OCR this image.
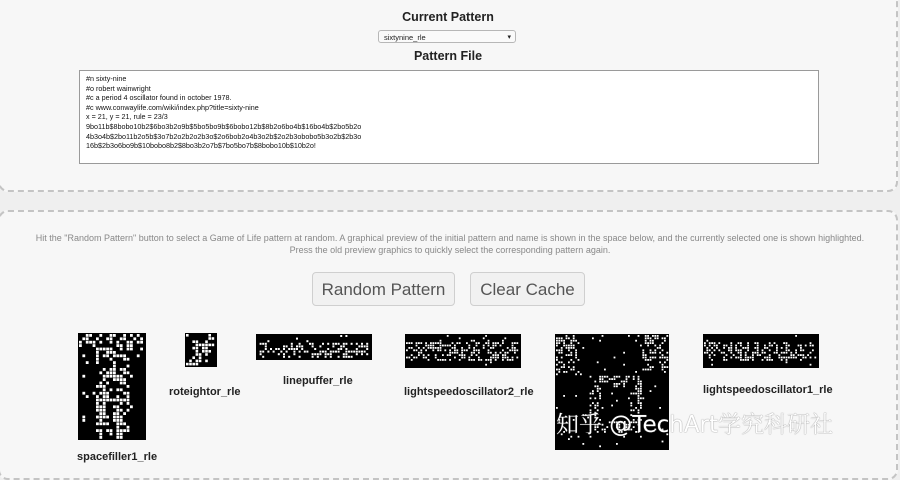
Current Pattern
sixtynine_rle	▾
Pattern File
#n sixty-nine
#o robert wainwright
#c a period 4 oscillator found in october 1978.
#c www.conwaylife.com/wiki/index.php?title=sixty-nine
x = 21, y = 21, rule = 23/3
9bo11b$8bobo10b2$6bo3b2o9b$5bo5bo9b$6bobo12b$8b2o6bo4b$16bo4b$2bo5b2o
4b3o4b$2bo11b2o5b$3o7b2o2b2o2b3o$2o6bob2o4b3o2b$2o2b3obobo5b3o2b$2b3o
16b$2b3o6bo9b$10bobo8b2$8bo3b2o7b$7bo5bo7b$8bobo10b$10b2o!
Hit the "Random Pattern" button to select a Game of Life pattern at random. A graphical preview of the initial pattern and name is shown in the space below, and the currently selected one is shown highlighted.
Press the old preview graphics to quickly select the corresponding pattern again.
Random Pattern	Clear Cache
spacefiller1_rle
roteightor_rle
linepuffer_rle
lightspeedoscillator2_rle	lightspeedoscillator1_rle
知乎 @TechArt学究科研社
